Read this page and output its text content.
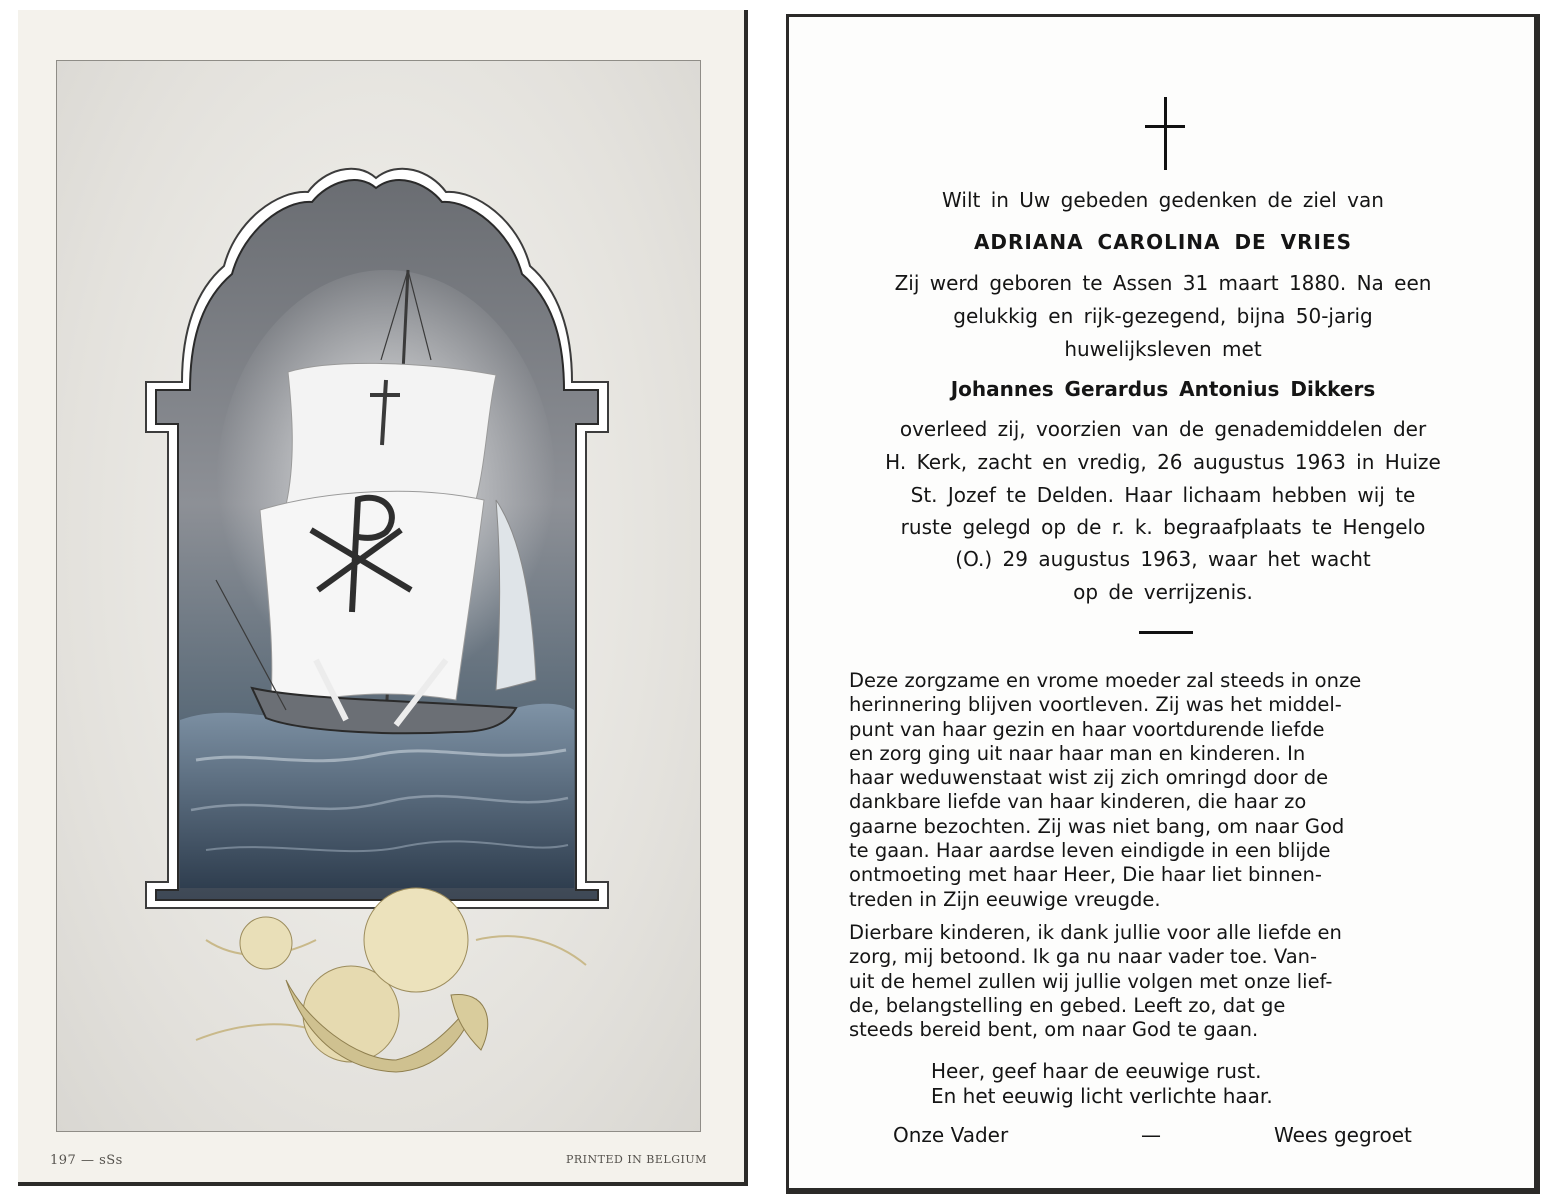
197 — sSs	PRINTED IN BELGIUM
Wilt in Uw gebeden gedenken de ziel van
ADRIANA CAROLINA DE VRIES
Zij werd geboren te Assen 31 maart 1880. Na een
gelukkig en rijk-gezegend, bijna 50-jarig
huwelijksleven met
Johannes Gerardus Antonius Dikkers
overleed zij, voorzien van de genademiddelen der
H. Kerk, zacht en vredig, 26 augustus 1963 in Huize
St. Jozef te Delden. Haar lichaam hebben wij te
ruste gelegd op de r. k. begraafplaats te Hengelo
(O.) 29 augustus 1963, waar het wacht
op de verrijzenis.
Deze zorgzame en vrome moeder zal steeds in onze
herinnering blijven voortleven. Zij was het middel-
punt van haar gezin en haar voortdurende liefde
en zorg ging uit naar haar man en kinderen. In
haar weduwenstaat wist zij zich omringd door de
dankbare liefde van haar kinderen, die haar zo
gaarne bezochten. Zij was niet bang, om naar God
te gaan. Haar aardse leven eindigde in een blijde
ontmoeting met haar Heer, Die haar liet binnen-
treden in Zijn eeuwige vreugde.
Dierbare kinderen, ik dank jullie voor alle liefde en
zorg, mij betoond. Ik ga nu naar vader toe. Van-
uit de hemel zullen wij jullie volgen met onze lief-
de, belangstelling en gebed. Leeft zo, dat ge
steeds bereid bent, om naar God te gaan.
Heer, geef haar de eeuwige rust.
En het eeuwig licht verlichte haar.
Onze Vader	—	Wees gegroet
